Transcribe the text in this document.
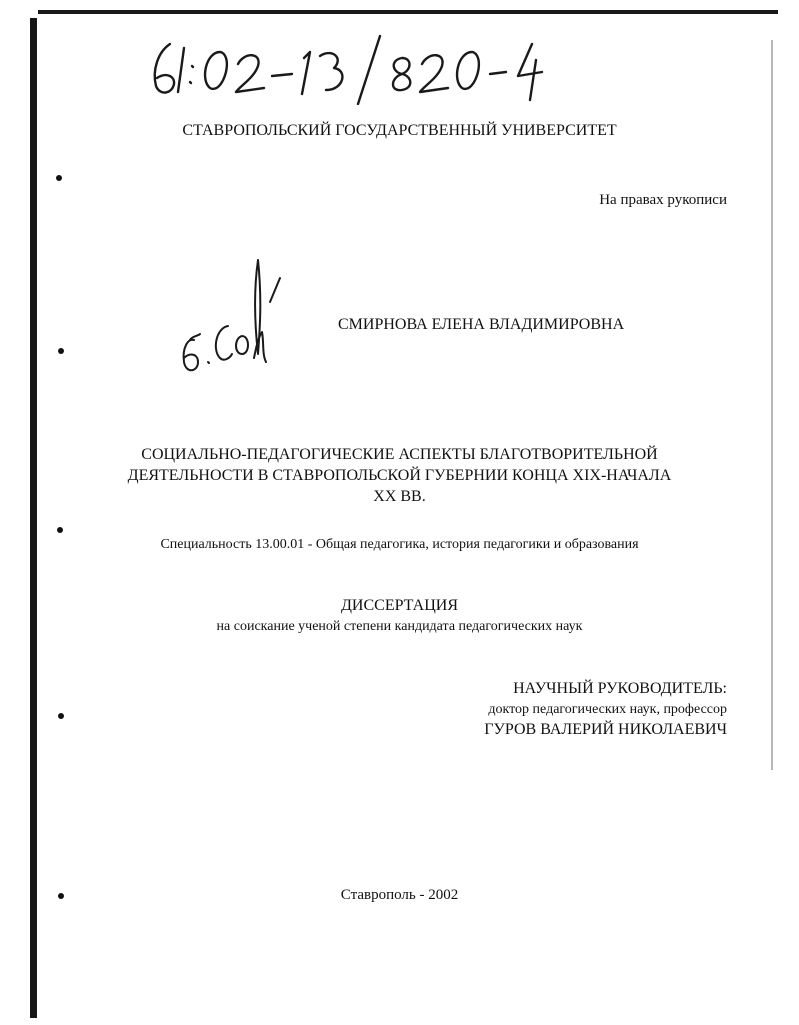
СТАВРОПОЛЬСКИЙ ГОСУДАРСТВЕННЫЙ УНИВЕРСИТЕТ
На правах рукописи
СМИРНОВА ЕЛЕНА ВЛАДИМИРОВНА
СОЦИАЛЬНО-ПЕДАГОГИЧЕСКИЕ АСПЕКТЫ БЛАГОТВОРИТЕЛЬНОЙ
ДЕЯТЕЛЬНОСТИ В СТАВРОПОЛЬСКОЙ ГУБЕРНИИ КОНЦА XIX-НАЧАЛА
XX ВВ.
Специальность 13.00.01 - Общая педагогика, история педагогики и образования
ДИССЕРТАЦИЯ
на соискание ученой степени кандидата педагогических наук
НАУЧНЫЙ РУКОВОДИТЕЛЬ:
доктор педагогических наук, профессор
ГУРОВ ВАЛЕРИЙ НИКОЛАЕВИЧ
Ставрополь - 2002
